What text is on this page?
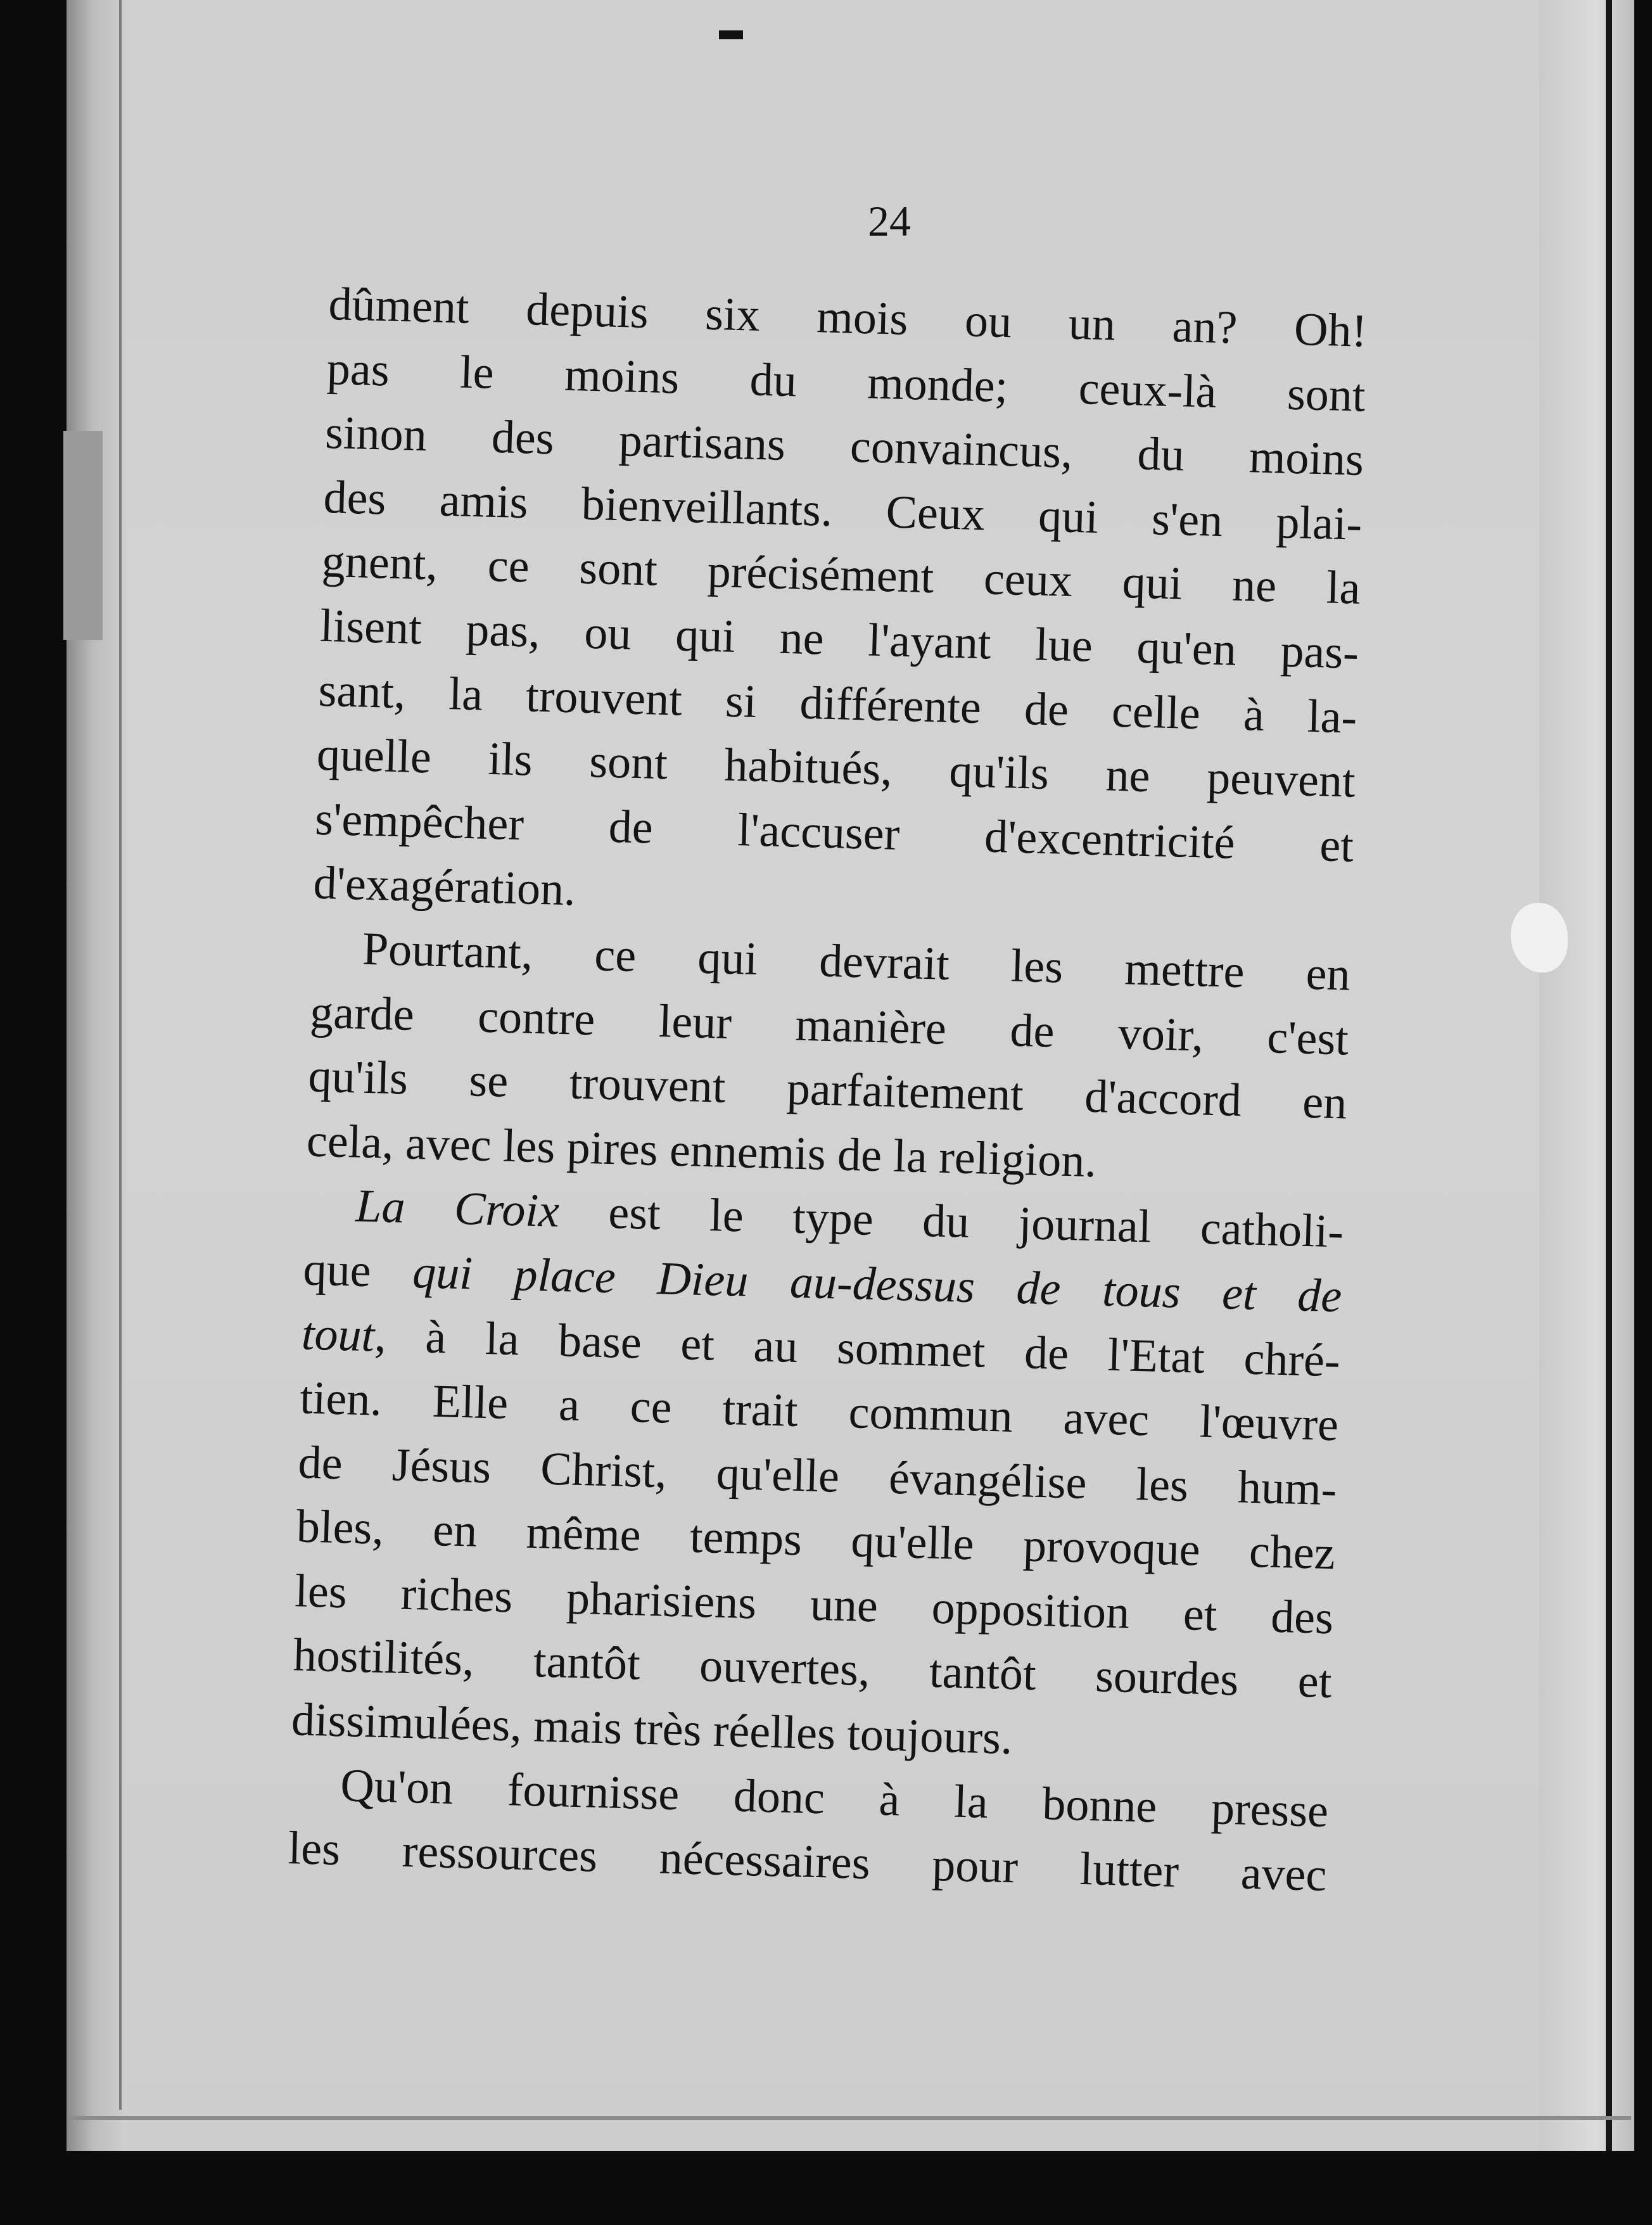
24
dûment depuis six mois ou un an? Oh!
pas le moins du monde; ceux-là sont
sinon des partisans convaincus, du moins
des amis bienveillants. Ceux qui s'en plai-
gnent, ce sont précisément ceux qui ne la
lisent pas, ou qui ne l'ayant lue qu'en pas-
sant, la trouvent si différente de celle à la-
quelle ils sont habitués, qu'ils ne peuvent
s'empêcher de l'accuser d'excentricité et
d'exagération.
Pourtant, ce qui devrait les mettre en
garde contre leur manière de voir, c'est
qu'ils se trouvent parfaitement d'accord en
cela, avec les pires ennemis de la religion.
La Croix est le type du journal catholi-
que qui place Dieu au-dessus de tous et de
tout, à la base et au sommet de l'Etat chré-
tien. Elle a ce trait commun avec l'œuvre
de Jésus Christ, qu'elle évangélise les hum-
bles, en même temps qu'elle provoque chez
les riches pharisiens une opposition et des
hostilités, tantôt ouvertes, tantôt sourdes et
dissimulées, mais très réelles toujours.
Qu'on fournisse donc à la bonne presse
les ressources nécessaires pour lutter avec
